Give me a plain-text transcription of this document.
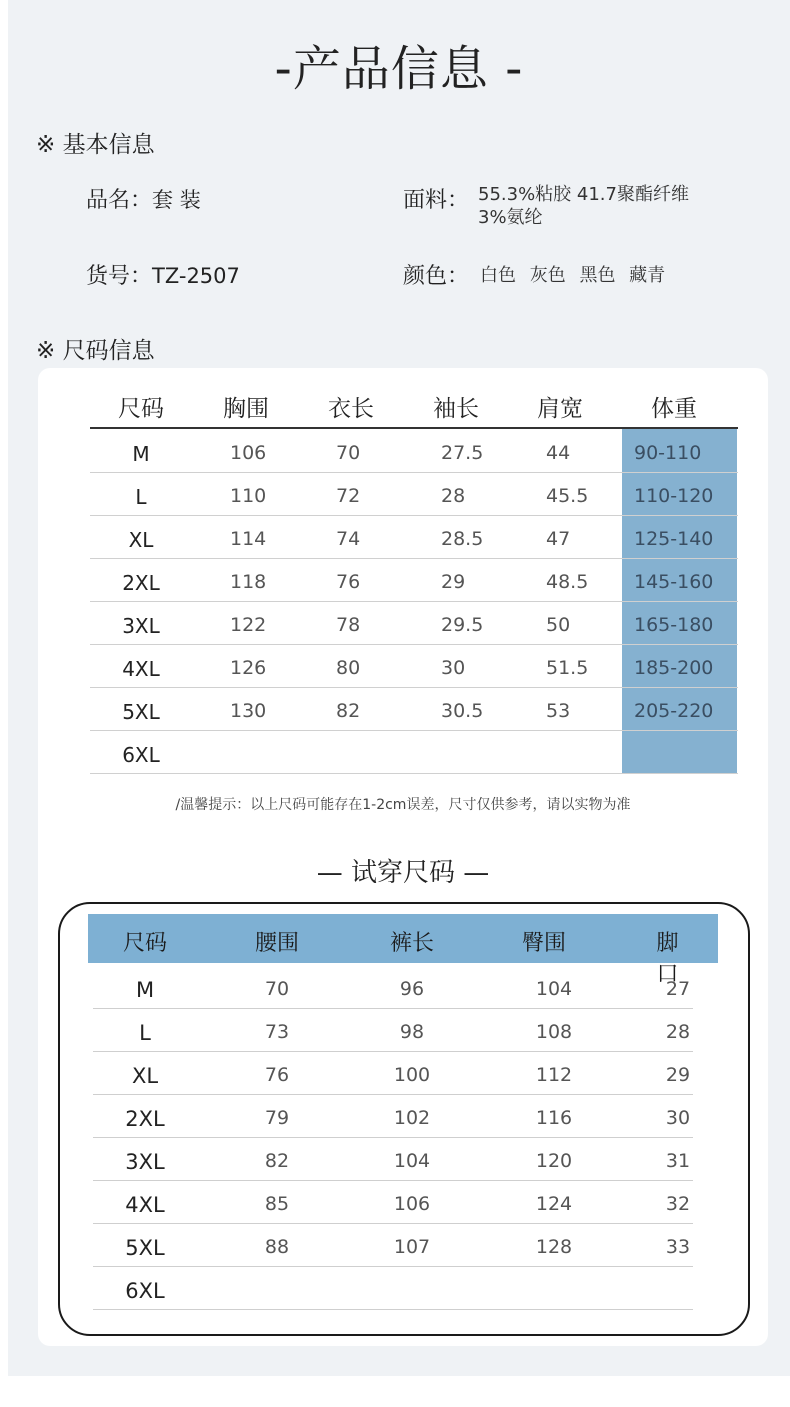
-产品信息 -
※ 基本信息
品名：套 装	面料： 55.3%粘胶 41.7聚酯纤维
3%氨纶
货号：TZ-2507	颜色： 白色 灰色 黑色 藏青
※ 尺码信息
尺码	胸围	衣长	袖长	肩宽	体重
M	106	70	27.5	44	90-110
L	110	72	28	45.5 110-120
XL	114	74	28.5	47	125-140
2XL	118	76	29	48.5 145-160
3XL	122	78	29.5	50	165-180
4XL	126	80	30	51.5 185-200
5XL	130	82	30.5	53	205-220
6XL
/温馨提示：以上尺码可能存在1-2cm误差，尺寸仅供参考，请以实物为准
— 试穿尺码 —
尺码	腰围	裤长	臀围	脚口
M	70	96	104	27
L	73	98	108	28
XL	76	100	112	29
2XL	79	102	116	30
3XL	82	104	120	31
4XL	85	106	124	32
5XL	88	107	128	33
6XL
